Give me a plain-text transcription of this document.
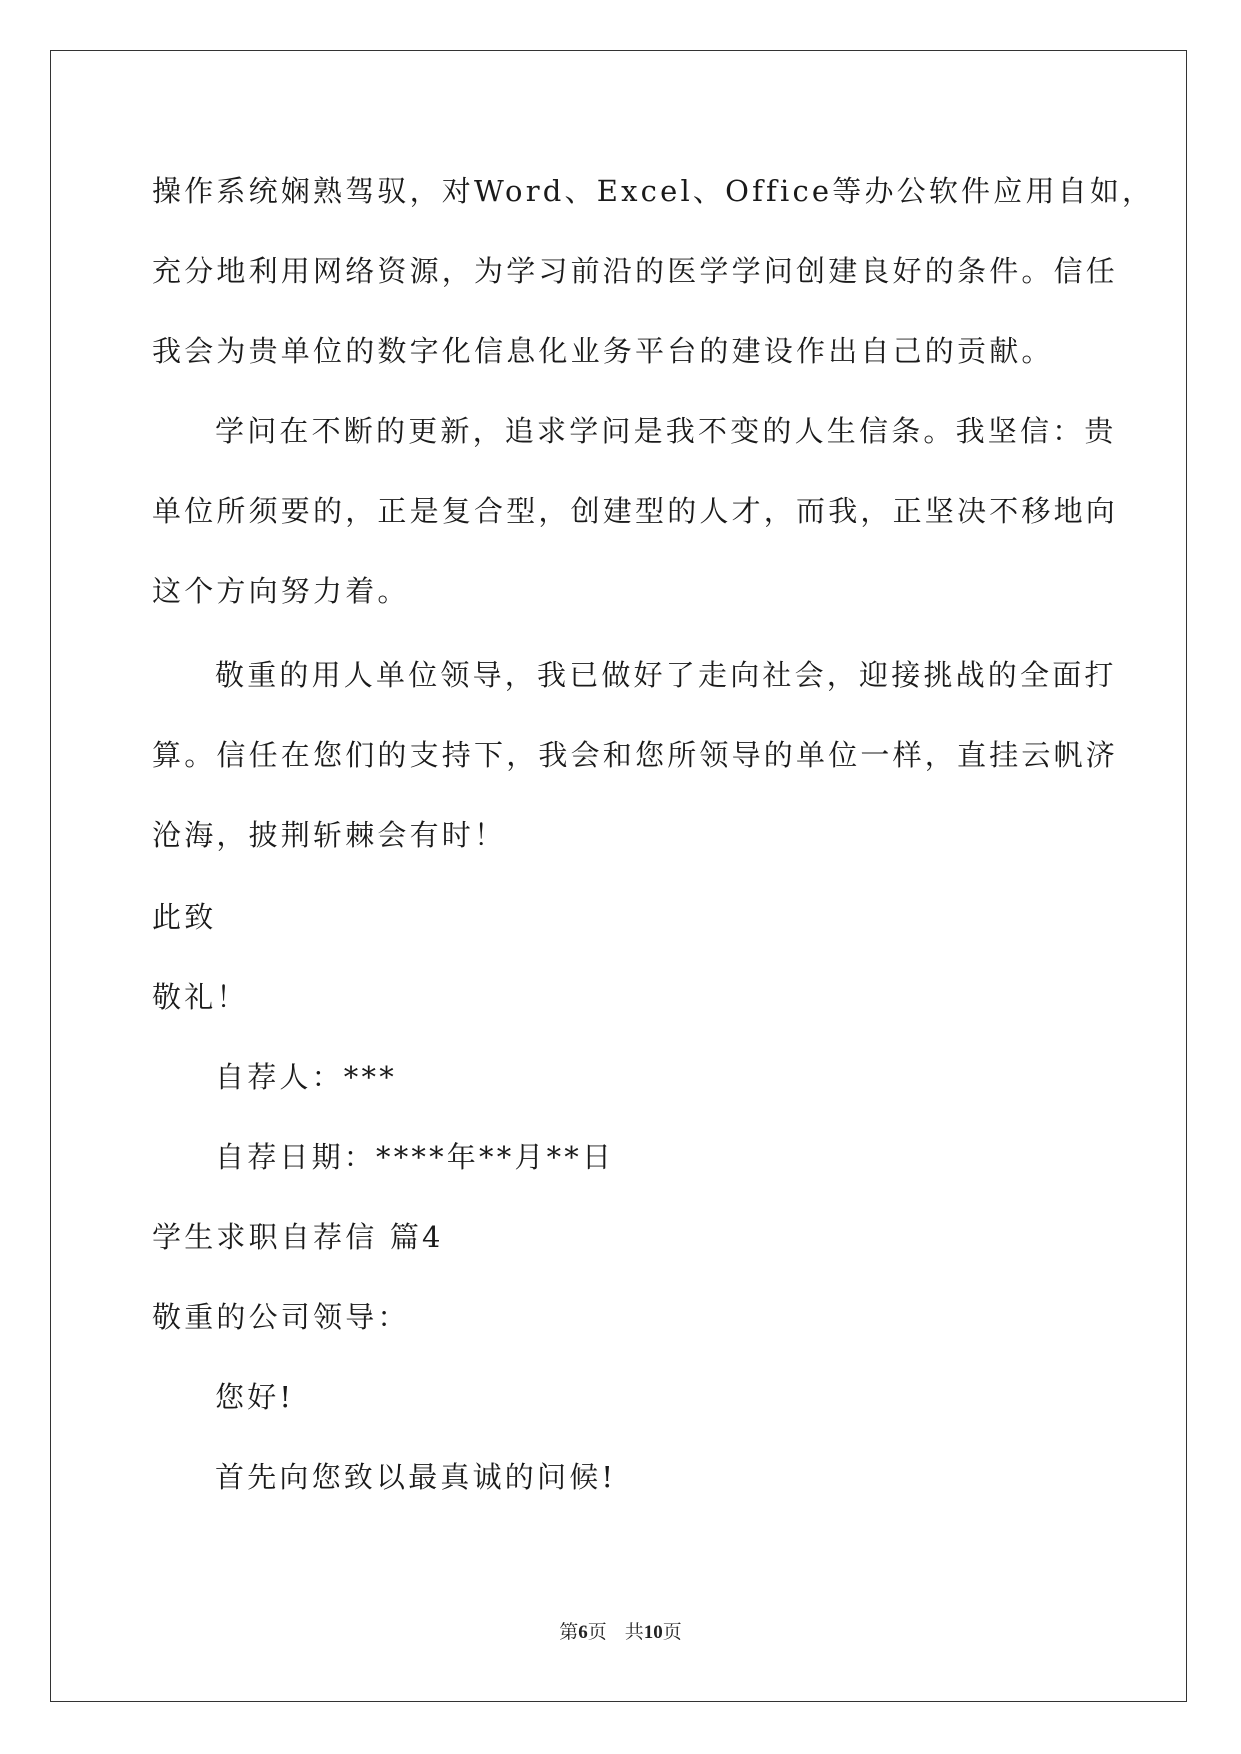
操作系统娴熟驾驭，对Word、Excel、Office等办公软件应用自如，
充分地利用网络资源，为学习前沿的医学学问创建良好的条件。信任
我会为贵单位的数字化信息化业务平台的建设作出自己的贡献。
学问在不断的更新，追求学问是我不变的人生信条。我坚信：贵
单位所须要的，正是复合型，创建型的人才，而我，正坚决不移地向
这个方向努力着。
敬重的用人单位领导，我已做好了走向社会，迎接挑战的全面打
算。信任在您们的支持下，我会和您所领导的单位一样，直挂云帆济
沧海，披荆斩棘会有时！
此致
敬礼！
自荐人：***
自荐日期：****年**月**日
学生求职自荐信 篇4
敬重的公司领导：
您好!
首先向您致以最真诚的问候!
第6页 共10页
